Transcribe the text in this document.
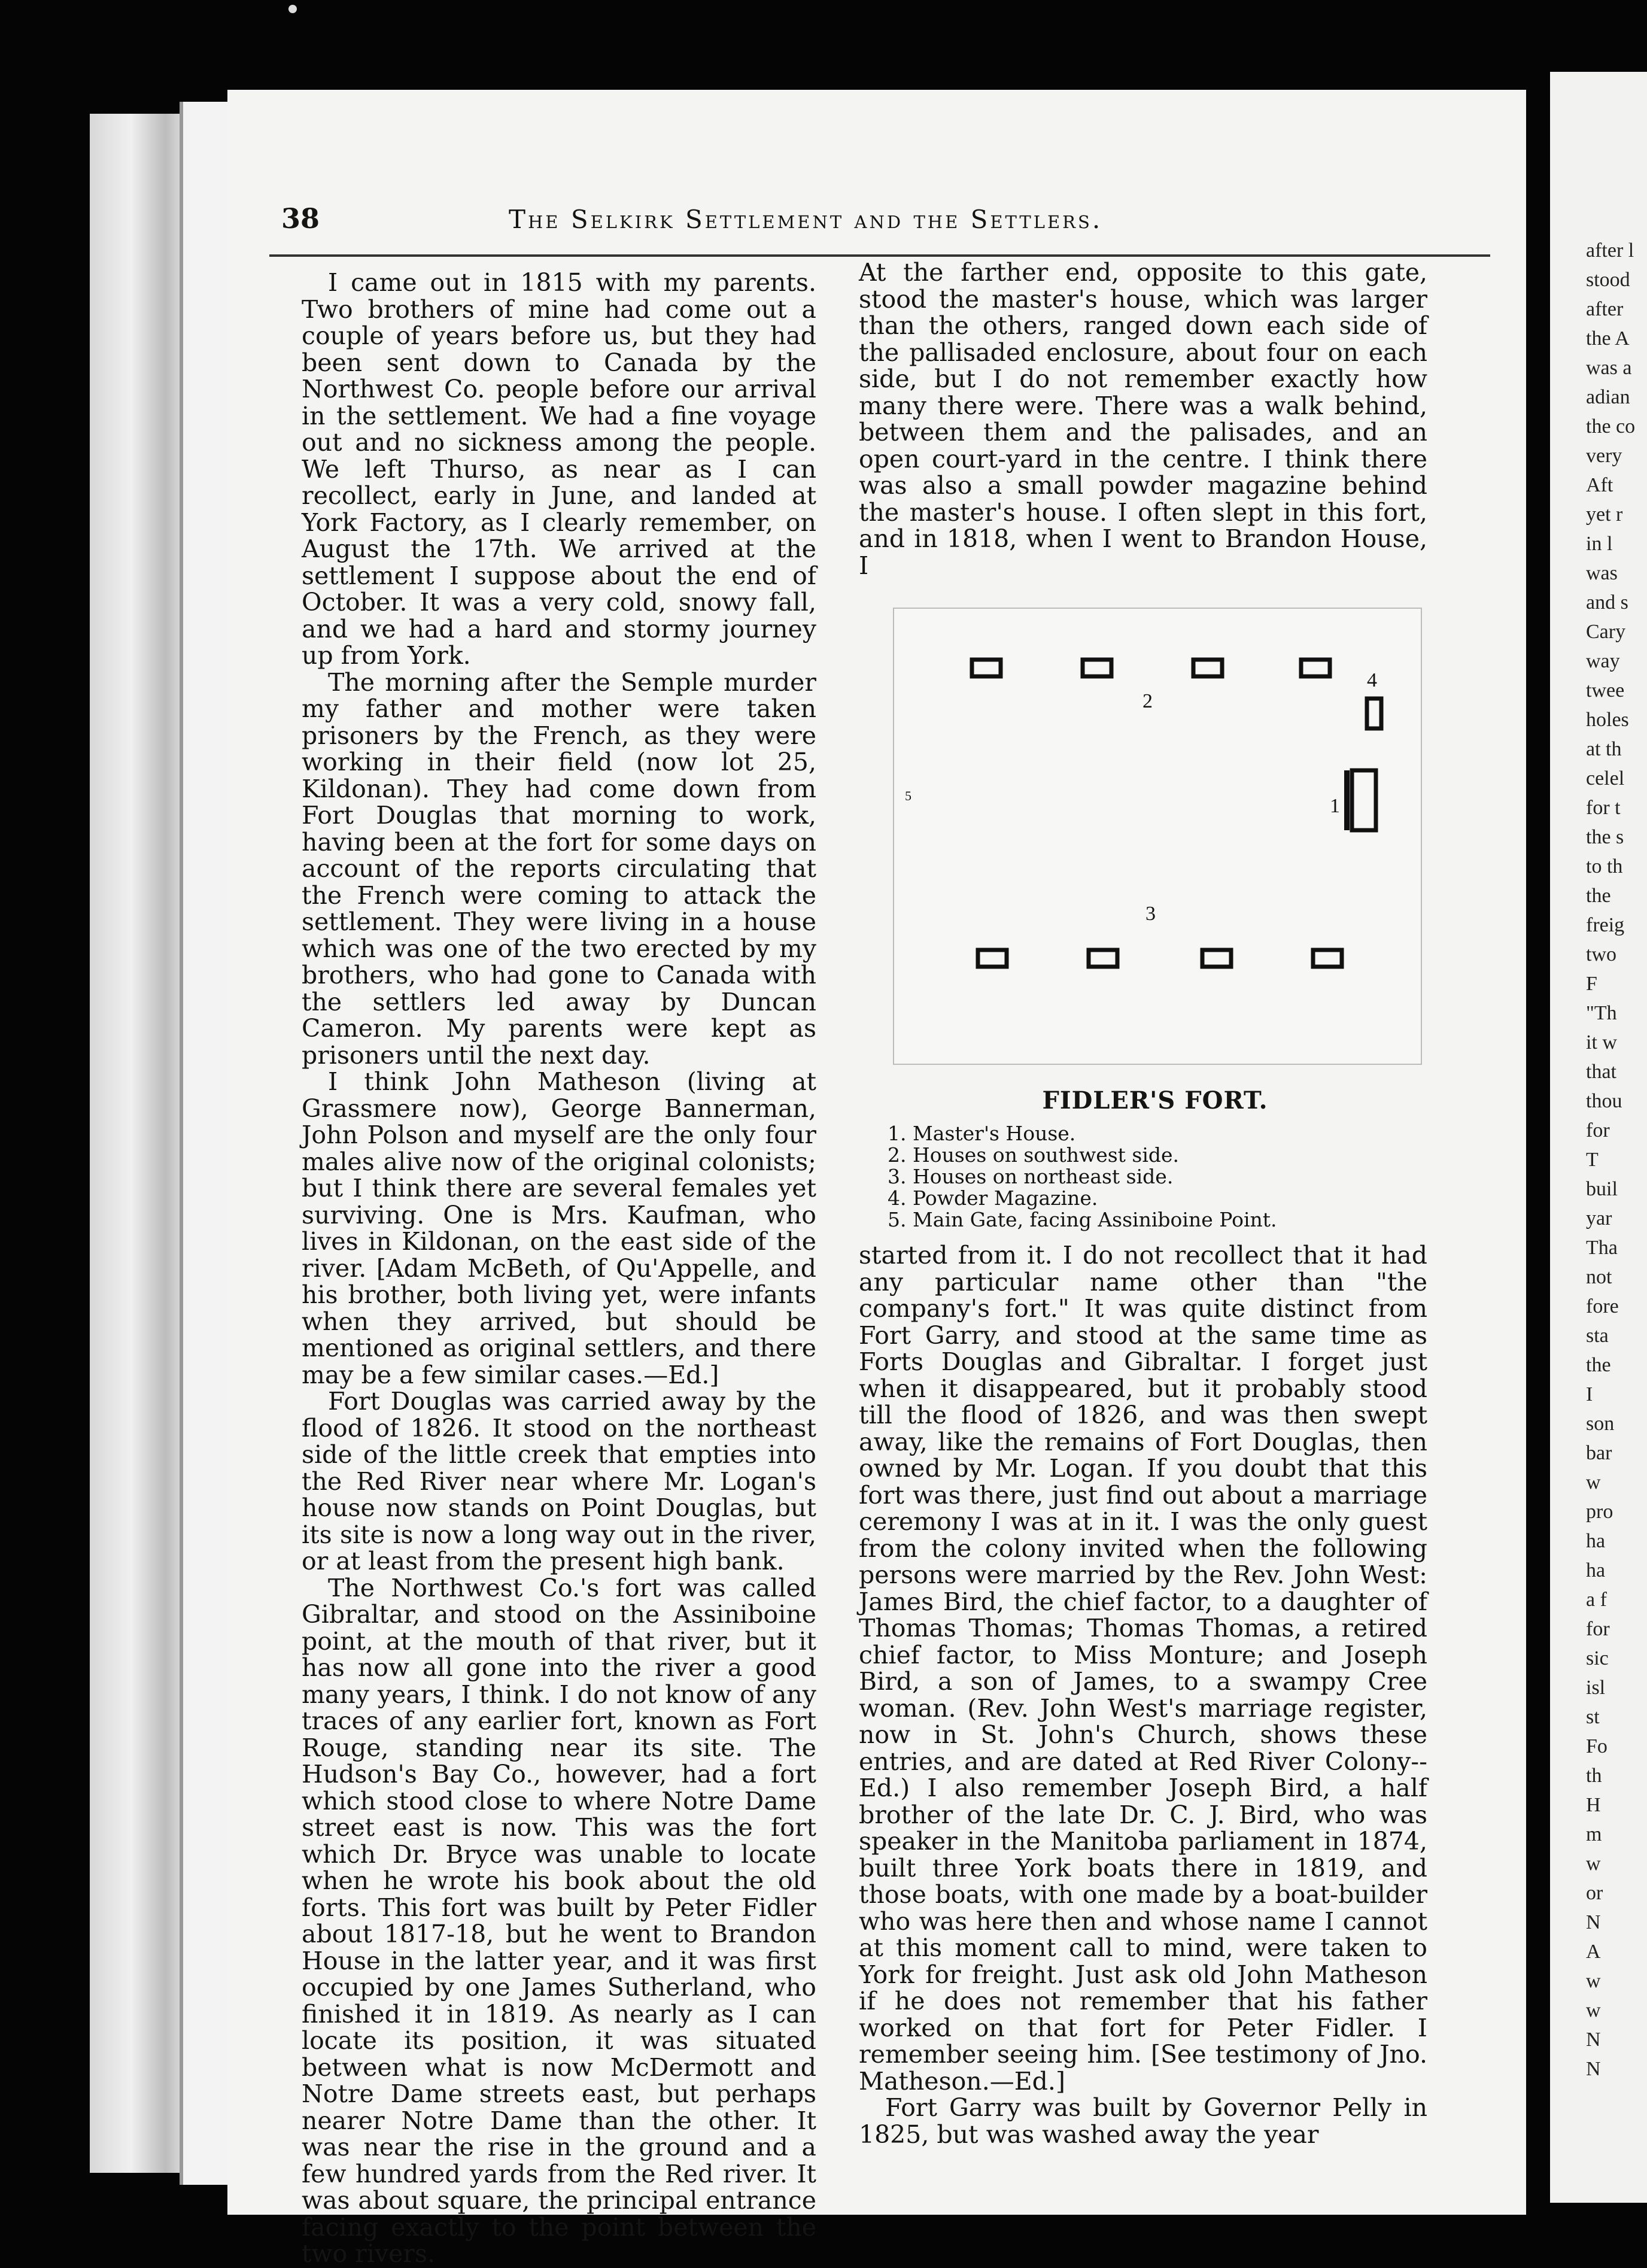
38	The Selkirk Settlement and the Settlers.

I came out in 1815 with my parents. Two brothers of mine had come out a couple of years before us, but they had been sent down to Canada by the Northwest Co. people before our arrival in the settlement. We had a fine voyage out and no sickness among the people. We left Thurso, as near as I can recollect, early in June, and landed at York Factory, as I clearly remember, on August the 17th. We arrived at the settlement I suppose about the end of October. It was a very cold, snowy fall, and we had a hard and stormy journey up from York.

The morning after the Semple murder my father and mother were taken prisoners by the French, as they were working in their field (now lot 25, Kildonan). They had come down from Fort Douglas that morning to work, having been at the fort for some days on account of the reports circulating that the French were coming to attack the settlement. They were living in a house which was one of the two erected by my brothers, who had gone to Canada with the settlers led away by Duncan Cameron. My parents were kept as prisoners until the next day.

I think John Matheson (living at Grassmere now), George Bannerman, John Polson and myself are the only four males alive now of the original colonists; but I think there are several females yet surviving. One is Mrs. Kaufman, who lives in Kildonan, on the east side of the river. [Adam McBeth, of Qu'Appelle, and his brother, both living yet, were infants when they arrived, but should be mentioned as original settlers, and there may be a few similar cases.—Ed.]

Fort Douglas was carried away by the flood of 1826. It stood on the northeast side of the little creek that empties into the Red River near where Mr. Logan's house now stands on Point Douglas, but its site is now a long way out in the river, or at least from the present high bank.

The Northwest Co.'s fort was called Gibraltar, and stood on the Assiniboine point, at the mouth of that river, but it has now all gone into the river a good many years, I think. I do not know of any traces of any earlier fort, known as Fort Rouge, standing near its site. The Hudson's Bay Co., however, had a fort which stood close to where Notre Dame street east is now. This was the fort which Dr. Bryce was unable to locate when he wrote his book about the old forts. This fort was built by Peter Fidler about 1817-18, but he went to Brandon House in the latter year, and it was first occupied by one James Sutherland, who finished it in 1819. As nearly as I can locate its position, it was situated between what is now McDermott and Notre Dame streets east, but perhaps nearer Notre Dame than the other. It was near the rise in the ground and a few hundred yards from the Red river. It was about square, the principal entrance facing exactly to the point between the two rivers.

At the farther end, opposite to this gate, stood the master's house, which was larger than the others, ranged down each side of the pallisaded enclosure, about four on each side, but I do not remember exactly how many there were. There was a walk behind, between them and the palisades, and an open court-yard in the centre. I think there was also a small powder magazine behind the master's house. I often slept in this fort, and in 1818, when I went to Brandon House, I

1
2
3
4
5
FIDLER'S FORT.
1. Master's House.
2. Houses on southwest side.
3. Houses on northeast side.
4. Powder Magazine.
5. Main Gate, facing Assiniboine Point.

started from it. I do not recollect that it had any particular name other than "the company's fort." It was quite distinct from Fort Garry, and stood at the same time as Forts Douglas and Gibraltar. I forget just when it disappeared, but it probably stood till the flood of 1826, and was then swept away, like the remains of Fort Douglas, then owned by Mr. Logan. If you doubt that this fort was there, just find out about a marriage ceremony I was at in it. I was the only guest from the colony invited when the following persons were married by the Rev. John West: James Bird, the chief factor, to a daughter of Thomas Thomas; Thomas Thomas, a retired chief factor, to Miss Monture; and Joseph Bird, a son of James, to a swampy Cree woman. (Rev. John West's marriage register, now in St. John's Church, shows these entries, and are dated at Red River Colony--Ed.) I also remember Joseph Bird, a half brother of the late Dr. C. J. Bird, who was speaker in the Manitoba parliament in 1874, built three York boats there in 1819, and those boats, with one made by a boat-builder who was here then and whose name I cannot at this moment call to mind, were taken to York for freight. Just ask old John Matheson if he does not remember that his father worked on that fort for Peter Fidler. I remember seeing him. [See testimony of Jno. Matheson.—Ed.]

Fort Garry was built by Governor Pelly in 1825, but was washed away the year

after l
stood
after
the A
was a
adian
the co
very
Aft
yet r
in l
was
and s
Cary
way
twee
holes
at th
celel
for t
the s
to th
the
freig
two
F
"Th
it w
that
thou
for
T
buil
yar
Tha
not
fore
sta
the
I
son
bar
w
pro
ha
ha
a f
for
sic
isl
st
Fo
th
H
m
w
or
N
A
w
w
N
N
